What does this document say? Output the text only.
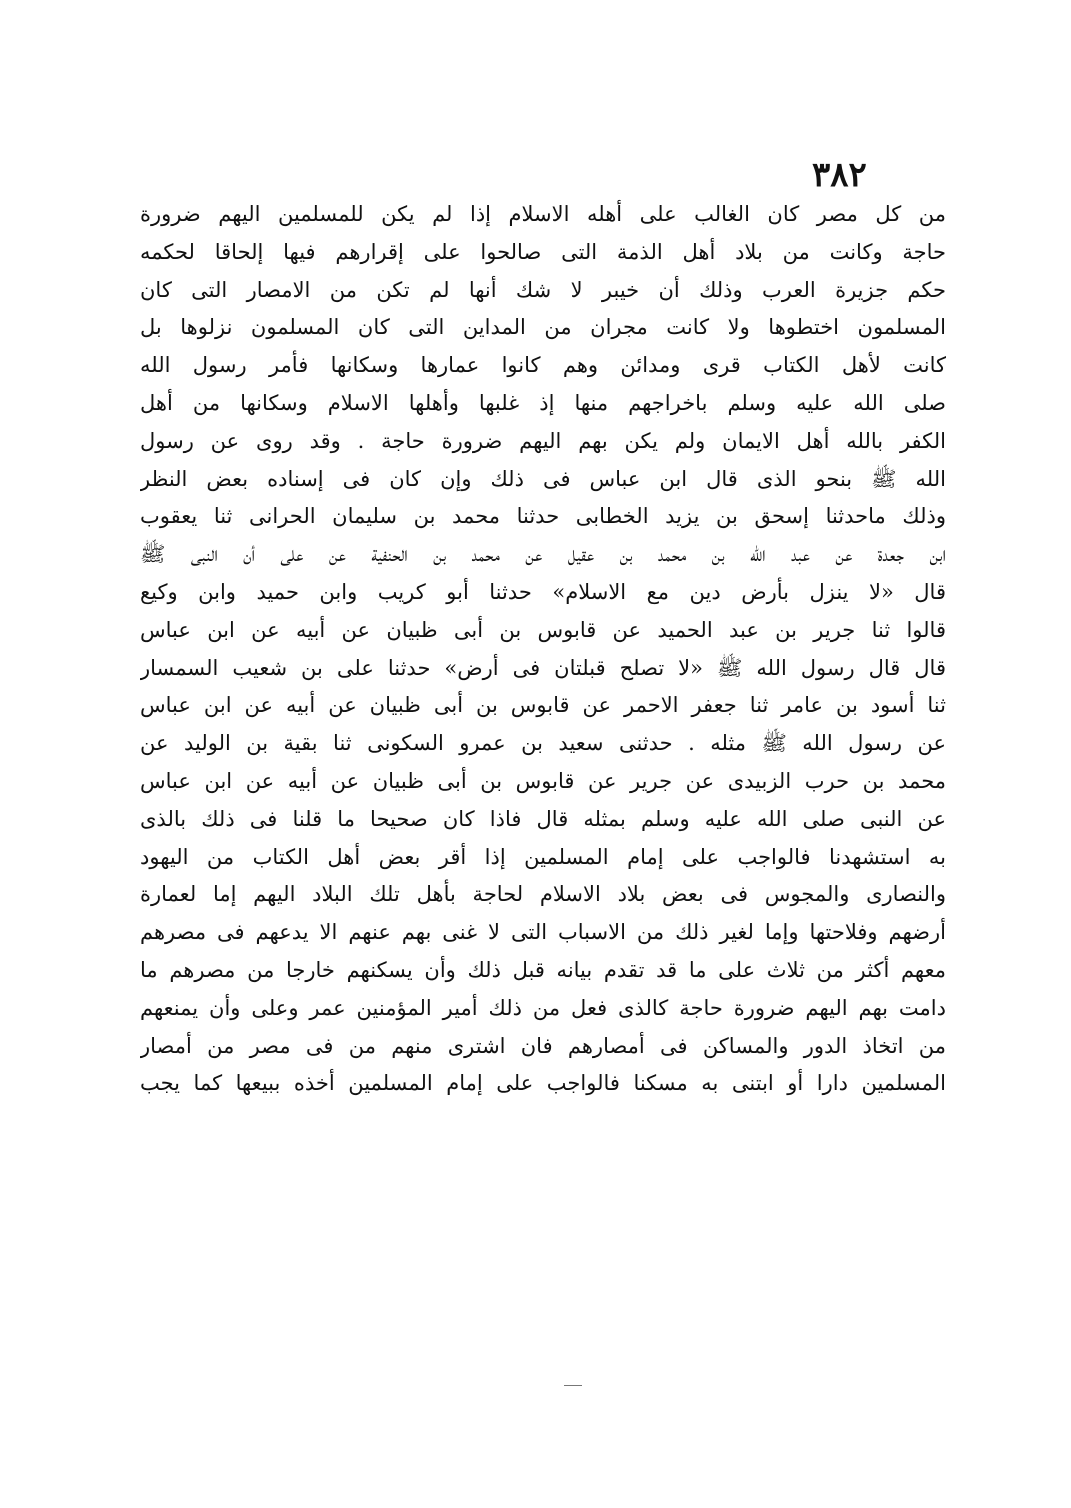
٣٨٢
من كل مصر كان الغالب على أهله الاسلام إذا لم يكن للمسلمين اليهم ضرورة
حاجة وكانت من بلاد أهل الذمة التى صالحوا على إقرارهم فيها إلحاقا لحكمه
حكم جزيرة العرب وذلك أن خيبر لا شك أنها لم تكن من الامصار التى كان
المسلمون اختطوها ولا كانت مجران من المداين التى كان المسلمون نزلوها بل
كانت لأهل الكتاب قرى ومدائن وهم كانوا عمارها وسكانها فأمر رسول الله
صلى الله عليه وسلم باخراجهم منها إذ غلبها وأهلها الاسلام وسكانها من أهل
الكفر بالله أهل الايمان ولم يكن بهم اليهم ضرورة حاجة . وقد روى عن رسول
الله ﷺ بنحو الذى قال ابن عباس فى ذلك وإن كان فى إسناده بعض النظر
وذلك ماحدثنا إسحق بن يزيد الخطابى حدثنا محمد بن سليمان الحرانى ثنا يعقوب
ابن جعدة عن عبد الله بن محمد بن عقيل عن محمد بن الحنفية عن على أن النبى ﷺ
قال «لا ينزل بأرض دين مع الاسلام» حدثنا أبو كريب وابن حميد وابن وكيع
قالوا ثنا جرير بن عبد الحميد عن قابوس بن أبى ظبيان عن أبيه عن ابن عباس
قال قال رسول الله ﷺ «لا تصلح قبلتان فى أرض» حدثنا على بن شعيب السمسار
ثنا أسود بن عامر ثنا جعفر الاحمر عن قابوس بن أبى ظبيان عن أبيه عن ابن عباس
عن رسول الله ﷺ مثله . حدثنى سعيد بن عمرو السكونى ثنا بقية بن الوليد عن
محمد بن حرب الزبيدى عن جرير عن قابوس بن أبى ظبيان عن أبيه عن ابن عباس
عن النبى صلى الله عليه وسلم بمثله قال فاذا كان صحيحا ما قلنا فى ذلك بالذى
به استشهدنا فالواجب على إمام المسلمين إذا أقر بعض أهل الكتاب من اليهود
والنصارى والمجوس فى بعض بلاد الاسلام لحاجة بأهل تلك البلاد اليهم إما لعمارة
أرضهم وفلاحتها وإما لغير ذلك من الاسباب التى لا غنى بهم عنهم الا يدعهم فى مصرهم
معهم أكثر من ثلاث على ما قد تقدم بيانه قبل ذلك وأن يسكنهم خارجا من مصرهم ما
دامت بهم اليهم ضرورة حاجة كالذى فعل من ذلك أمير المؤمنين عمر وعلى وأن يمنعهم
من اتخاذ الدور والمساكن فى أمصارهم فان اشترى منهم من فى مصر من أمصار
المسلمين دارا أو ابتنى به مسكنا فالواجب على إمام المسلمين أخذه ببيعها كما يجب
